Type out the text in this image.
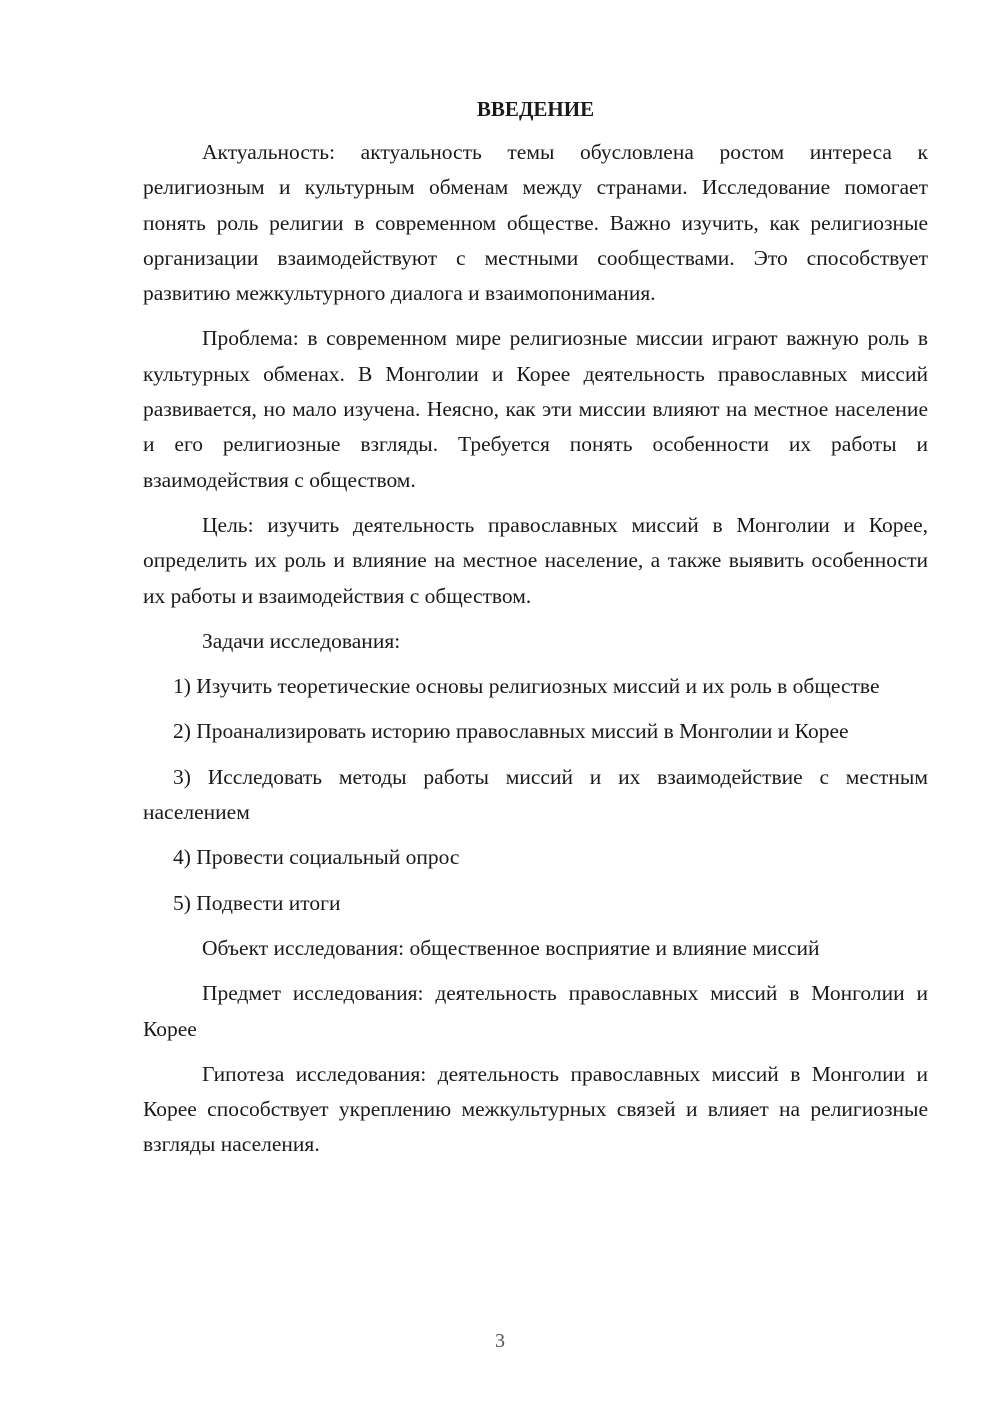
ВВЕДЕНИЕ

Актуальность: актуальность темы обусловлена ростом интереса к религиозным и культурным обменам между странами. Исследование помогает понять роль религии в современном обществе. Важно изучить, как религиозные организации взаимодействуют с местными сообществами. Это способствует развитию межкультурного диалога и взаимопонимания.

Проблема: в современном мире религиозные миссии играют важную роль в культурных обменах. В Монголии и Корее деятельность православных миссий развивается, но мало изучена. Неясно, как эти миссии влияют на местное население и его религиозные взгляды. Требуется понять особенности их работы и взаимодействия с обществом.

Цель: изучить деятельность православных миссий в Монголии и Корее, определить их роль и влияние на местное население, а также выявить особенности их работы и взаимодействия с обществом.

Задачи исследования:

1) Изучить теоретические основы религиозных миссий и их роль в обществе

2) Проанализировать историю православных миссий в Монголии и Корее

3) Исследовать методы работы миссий и их взаимодействие с местным населением

4) Провести социальный опрос

5) Подвести итоги

Объект исследования: общественное восприятие и влияние миссий

Предмет исследования: деятельность православных миссий в Монголии и Корее

Гипотеза исследования: деятельность православных миссий в Монголии и Корее способствует укреплению межкультурных связей и влияет на религиозные взгляды населения.

3
